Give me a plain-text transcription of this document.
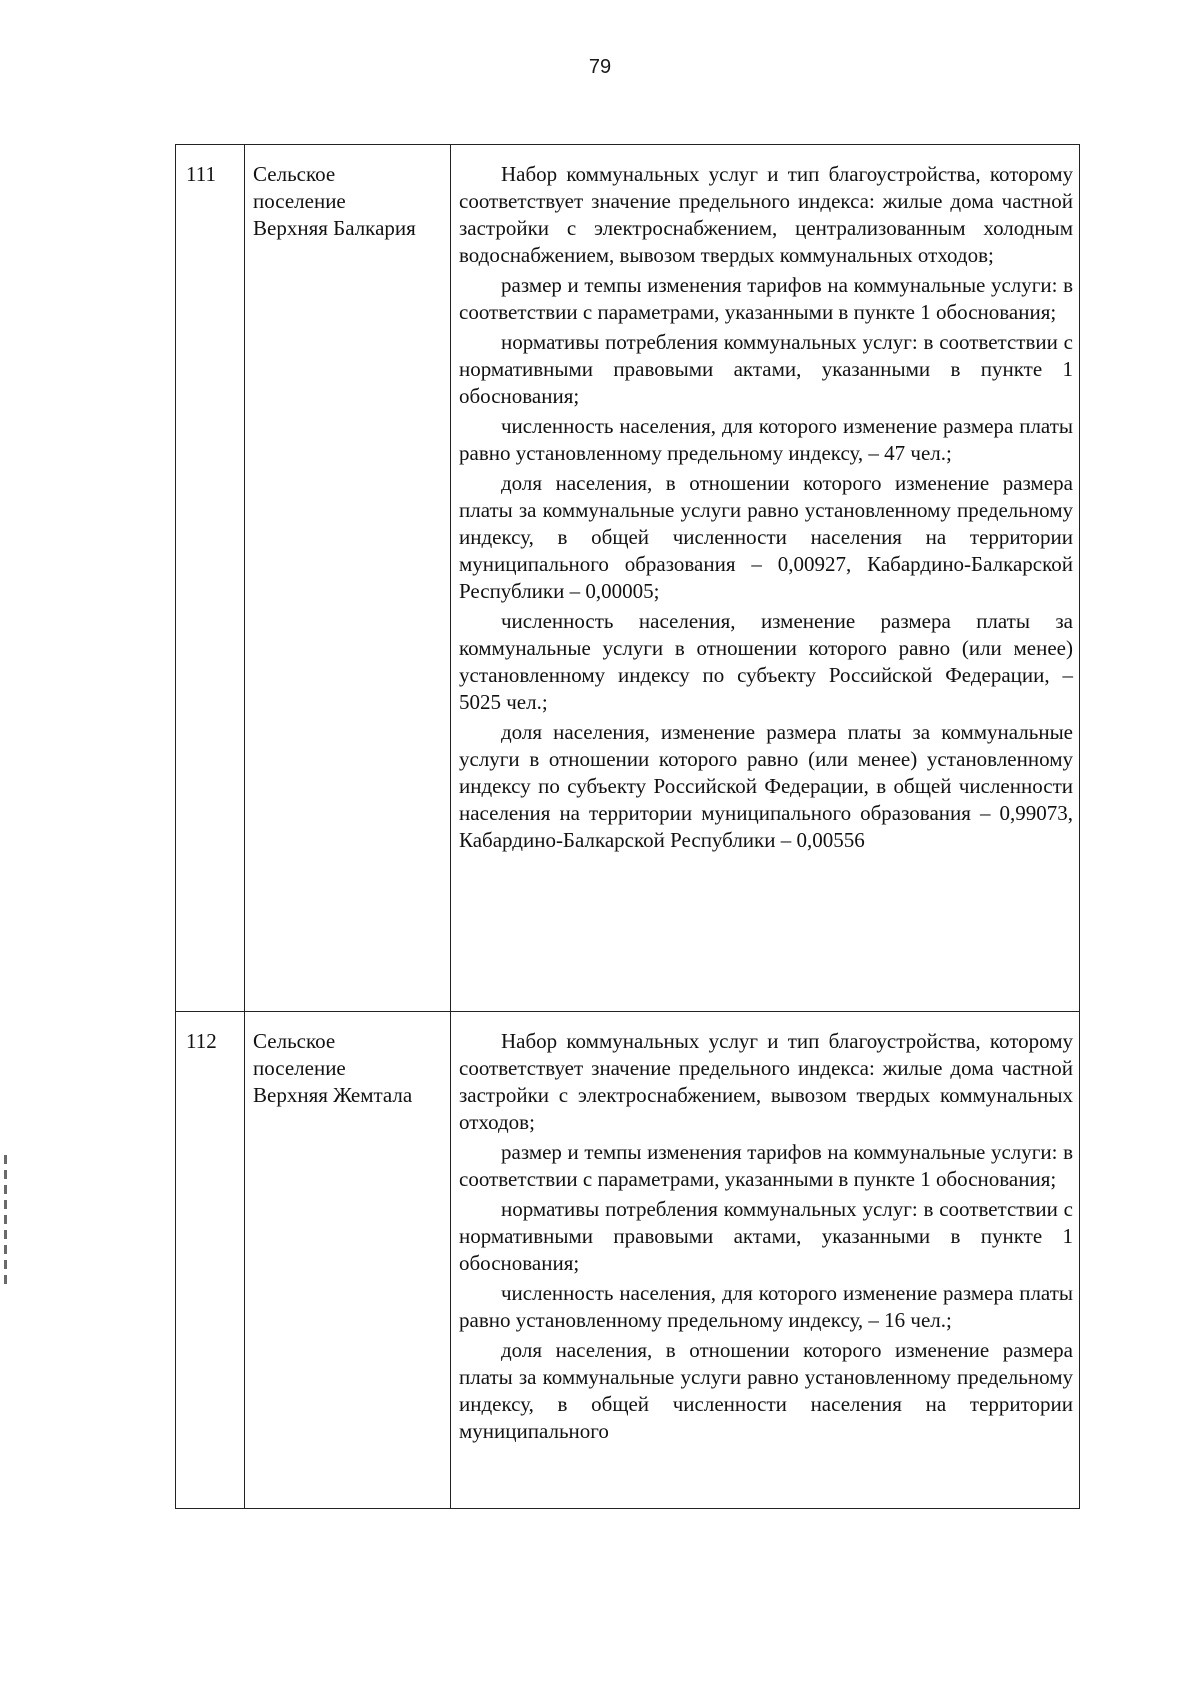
79
111	Сельское
поселение
Верхняя Балкария

Набор коммунальных услуг и тип благоустройства, которому соответствует значение предельного индекса: жилые дома частной застройки с электроснабжением, централизованным холодным водоснабжением, вывозом твердых коммунальных отходов;

размер и темпы изменения тарифов на коммунальные услуги: в соответствии с параметрами, указанными в пункте 1 обоснования;

нормативы потребления коммунальных услуг: в соответствии с нормативными правовыми актами, указанными в пункте 1 обоснования;

численность населения, для которого изменение размера платы равно установленному предельному индексу, – 47 чел.;

доля населения, в отношении которого изменение размера платы за коммунальные услуги равно установленному предельному индексу, в общей численности населения на территории муниципального образования – 0,00927, Кабардино-Балкарской Республики – 0,00005;

численность населения, изменение размера платы за коммунальные услуги в отношении которого равно (или менее) установленному индексу по субъекту Российской Федерации, – 5025 чел.;

доля населения, изменение размера платы за коммунальные услуги в отношении которого равно (или менее) установленному индексу по субъекту Российской Федерации, в общей численности населения на территории муниципального образования – 0,99073, Кабардино-Балкарской Республики – 0,00556

112	Сельское
поселение
Верхняя Жемтала

Набор коммунальных услуг и тип благоустройства, которому соответствует значение предельного индекса: жилые дома частной застройки с электроснабжением, вывозом твердых коммунальных отходов;

размер и темпы изменения тарифов на коммунальные услуги: в соответствии с параметрами, указанными в пункте 1 обоснования;

нормативы потребления коммунальных услуг: в соответствии с нормативными правовыми актами, указанными в пункте 1 обоснования;

численность населения, для которого изменение размера платы равно установленному предельному индексу, – 16 чел.;

доля населения, в отношении которого изменение размера платы за коммунальные услуги равно установленному предельному индексу, в общей численности населения на территории муниципального
